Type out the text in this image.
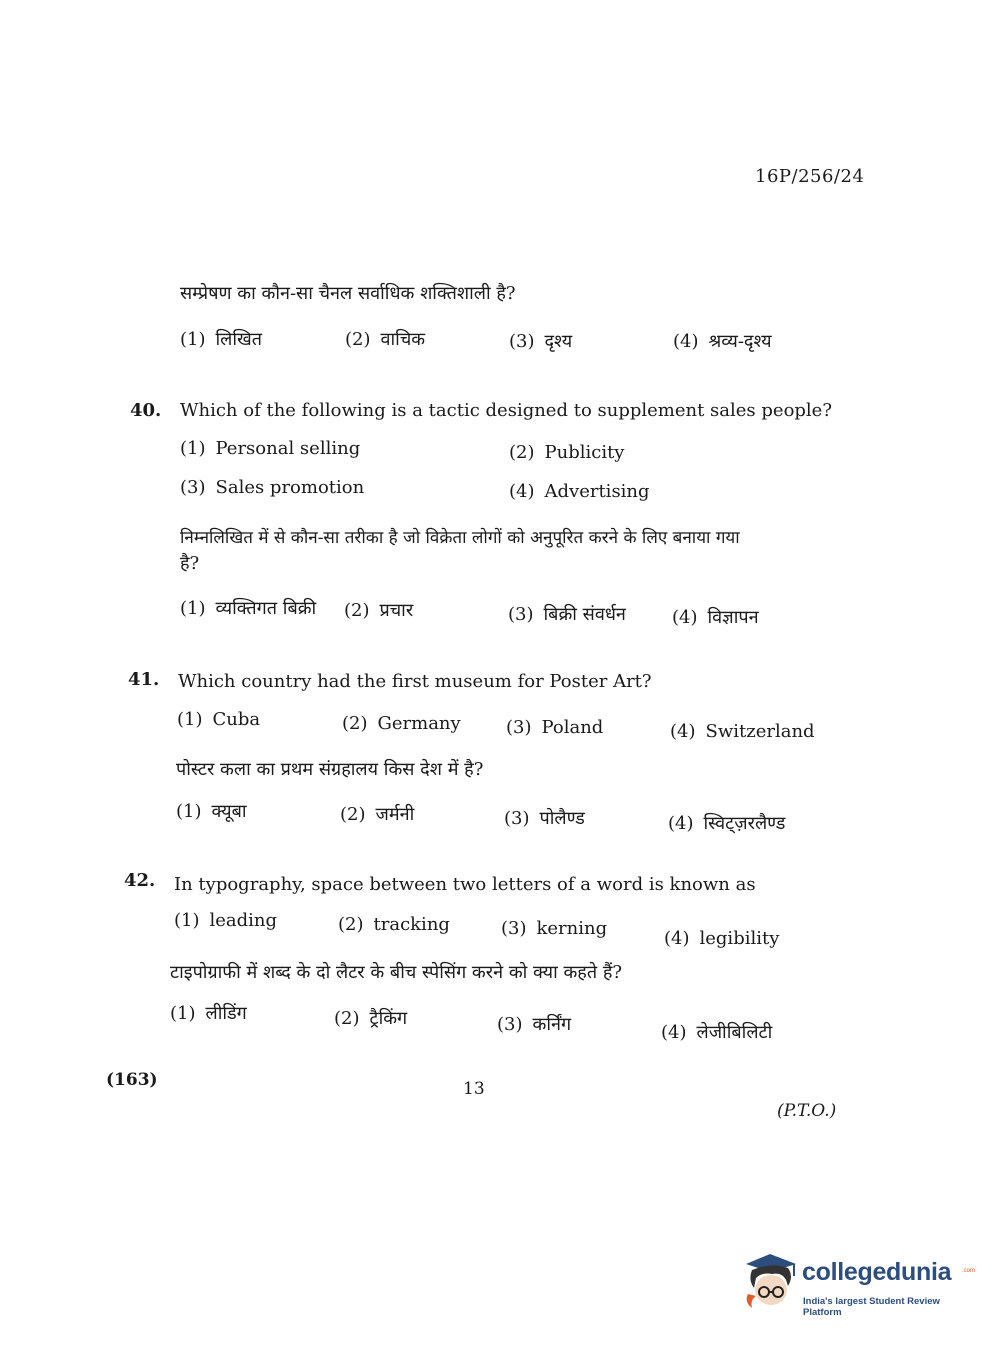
16P/256/24
सम्प्रेषण का कौन-सा चैनल सर्वाधिक शक्तिशाली है?
(1) लिखित	(2) वाचिक	(3) दृश्य	(4) श्रव्य-दृश्य
40. Which of the following is a tactic designed to supplement sales people?
(1) Personal selling	(2) Publicity
(3) Sales promotion	(4) Advertising
निम्नलिखित में से कौन-सा तरीका है जो विक्रेता लोगों को अनुपूरित करने के लिए बनाया गया
है?
(1) व्यक्तिगत बिक्री (2) प्रचार	(3) बिक्री संवर्धन	(4) विज्ञापन
41. Which country had the first museum for Poster Art?
(1) Cuba	(2) Germany	(3) Poland	(4) Switzerland
पोस्टर कला का प्रथम संग्रहालय किस देश में है?
(1) क्यूबा	(2) जर्मनी	(3) पोलैण्ड	(4) स्विट्ज़रलैण्ड
42. In typography, space between two letters of a word is known as
(1) leading	(2) tracking	(3) kerning	(4) legibility
टाइपोग्राफी में शब्द के दो लैटर के बीच स्पेसिंग करने को क्या कहते हैं?
(1) लीडिंग	(2) ट्रैकिंग	(3) कर्निंग	(4) लेजीबिलिटी
(163)	13
(P.T.O.)
collegedunia .com
India's largest Student Review Platform
